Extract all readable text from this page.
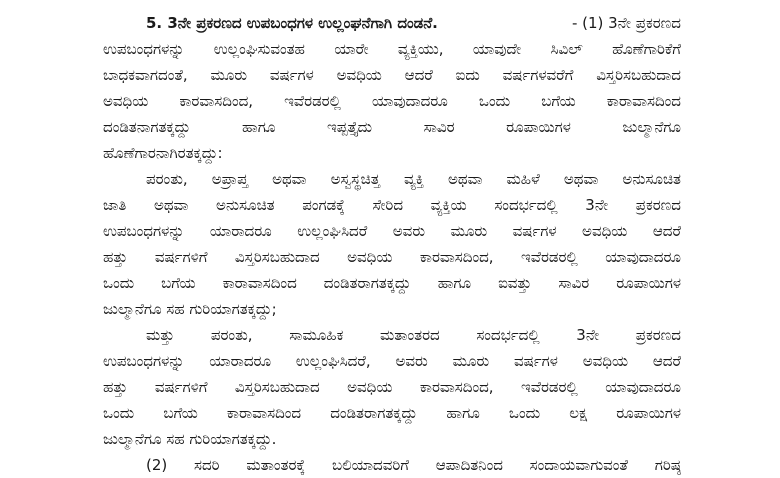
5. 3ನೇ ಪ್ರಕರಣದ ಉಪಬಂಧಗಳ ಉಲ್ಲಂಘನೆಗಾಗಿ ದಂಡನೆ.	- (1) 3ನೇ ಪ್ರಕರಣದ
ಉಪಬಂಧಗಳನ್ನು ಉಲ್ಲಂಘಿಸುವಂತಹ ಯಾರೇ ವ್ಯಕ್ತಿಯು, ಯಾವುದೇ ಸಿವಿಲ್ ಹೊಣೆಗಾರಿಕೆಗೆ
ಬಾಧಕವಾಗದಂತೆ, ಮೂರು ವರ್ಷಗಳ ಅವಧಿಯ ಆದರೆ ಐದು ವರ್ಷಗಳವರೆಗೆ ವಿಸ್ತರಿಸಬಹುದಾದ
ಅವಧಿಯ ಕಾರವಾಸದಿಂದ, ಇವೆರಡರಲ್ಲಿ ಯಾವುದಾದರೂ ಒಂದು ಬಗೆಯ ಕಾರಾವಾಸದಿಂದ
ದಂಡಿತನಾಗತಕ್ಕದ್ದು ಹಾಗೂ ಇಪ್ಪತ್ತೈದು ಸಾವಿರ ರೂಪಾಯಿಗಳ ಜುಲ್ಮಾನೆಗೂ
ಹೊಣೆಗಾರನಾಗಿರತಕ್ಕದ್ದು:
ಪರಂತು, ಅಪ್ರಾಪ್ತ ಅಥವಾ ಅಸ್ವಸ್ಥಚಿತ್ತ ವ್ಯಕ್ತಿ ಅಥವಾ ಮಹಿಳೆ ಅಥವಾ ಅನುಸೂಚಿತ
ಜಾತಿ ಅಥವಾ ಅನುಸೂಚಿತ ಪಂಗಡಕ್ಕೆ ಸೇರಿದ ವ್ಯಕ್ತಿಯ ಸಂದರ್ಭದಲ್ಲಿ 3ನೇ ಪ್ರಕರಣದ
ಉಪಬಂಧಗಳನ್ನು ಯಾರಾದರೂ ಉಲ್ಲಂಘಿಸಿದರೆ ಅವರು ಮೂರು ವರ್ಷಗಳ ಅವಧಿಯ ಆದರೆ
ಹತ್ತು ವರ್ಷಗಳಿಗೆ ವಿಸ್ತರಿಸಬಹುದಾದ ಅವಧಿಯ ಕಾರವಾಸದಿಂದ, ಇವೆರಡರಲ್ಲಿ ಯಾವುದಾದರೂ
ಒಂದು ಬಗೆಯ ಕಾರಾವಾಸದಿಂದ ದಂಡಿತರಾಗತಕ್ಕದ್ದು ಹಾಗೂ ಐವತ್ತು ಸಾವಿರ ರೂಪಾಯಿಗಳ
ಜುಲ್ಮಾನೆಗೂ ಸಹ ಗುರಿಯಾಗತಕ್ಕದ್ದು;
ಮತ್ತು ಪರಂತು, ಸಾಮೂಹಿಕ ಮತಾಂತರದ ಸಂದರ್ಭದಲ್ಲಿ 3ನೇ ಪ್ರಕರಣದ
ಉಪಬಂಧಗಳನ್ನು ಯಾರಾದರೂ ಉಲ್ಲಂಘಿಸಿದರೆ, ಅವರು ಮೂರು ವರ್ಷಗಳ ಅವಧಿಯ ಆದರೆ
ಹತ್ತು ವರ್ಷಗಳಿಗೆ ವಿಸ್ತರಿಸಬಹುದಾದ ಅವಧಿಯ ಕಾರವಾಸದಿಂದ, ಇವೆರಡರಲ್ಲಿ ಯಾವುದಾದರೂ
ಒಂದು ಬಗೆಯ ಕಾರಾವಾಸದಿಂದ ದಂಡಿತರಾಗತಕ್ಕದ್ದು ಹಾಗೂ ಒಂದು ಲಕ್ಷ ರೂಪಾಯಿಗಳ
ಜುಲ್ಮಾನೆಗೂ ಸಹ ಗುರಿಯಾಗತಕ್ಕದ್ದು.
(2) ಸದರಿ ಮತಾಂತರಕ್ಕೆ ಬಲಿಯಾದವರಿಗೆ ಆಪಾದಿತನಿಂದ ಸಂದಾಯವಾಗುವಂತೆ ಗರಿಷ್ಠ
